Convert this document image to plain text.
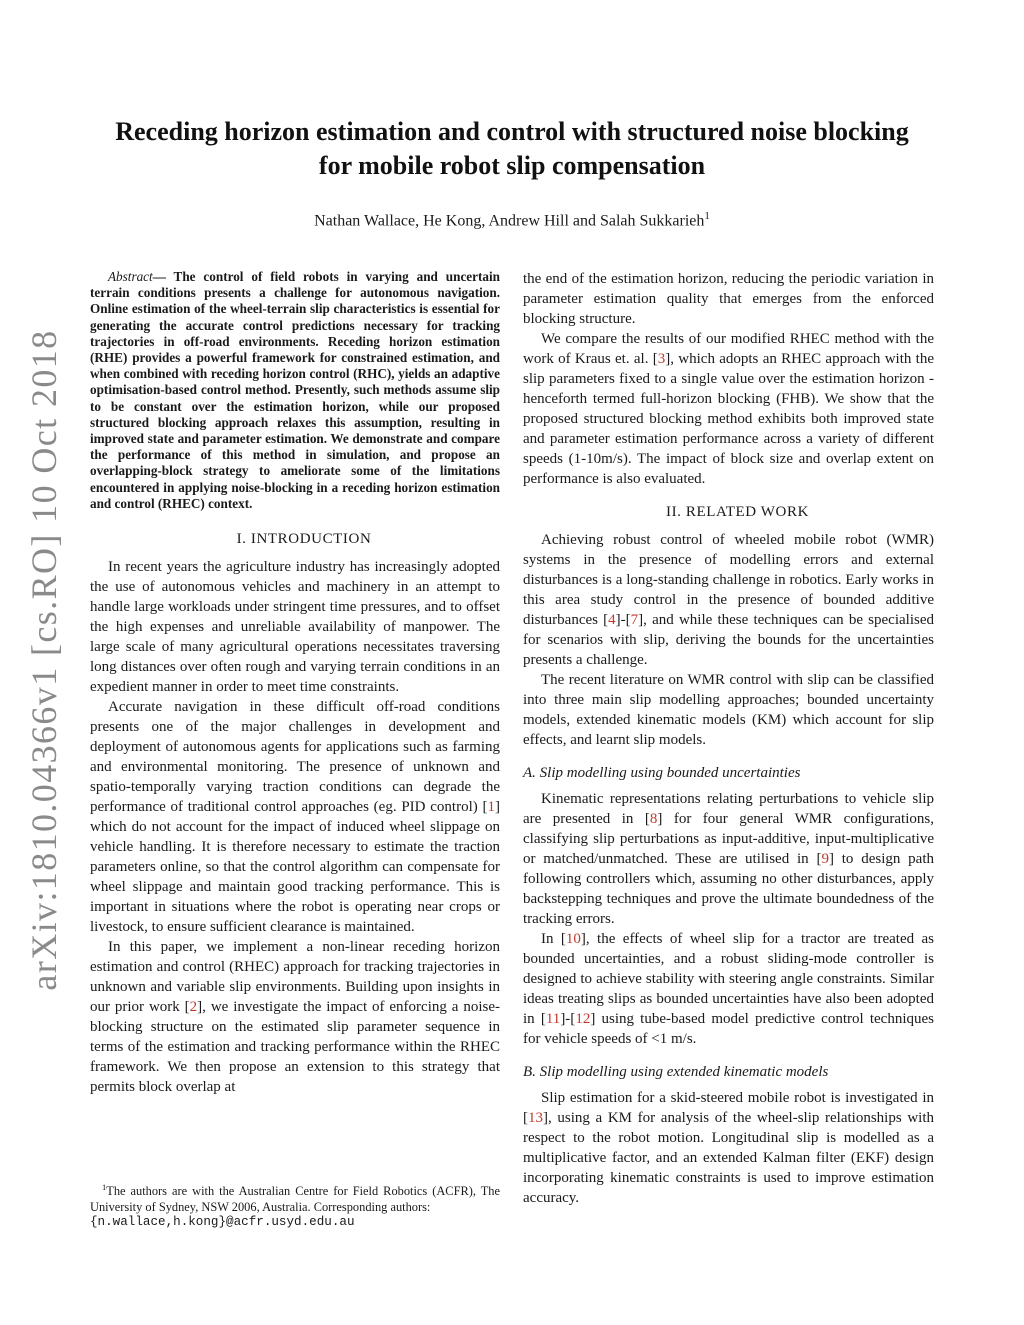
arXiv:1810.04366v1 [cs.RO] 10 Oct 2018
Receding horizon estimation and control with structured noise blocking
for mobile robot slip compensation
Nathan Wallace, He Kong, Andrew Hill and Salah Sukkarieh$^1$

Abstract— The control of field robots in varying and uncertain terrain conditions presents a challenge for autonomous navigation. Online estimation of the wheel-terrain slip characteristics is essential for generating the accurate control predictions necessary for tracking trajectories in off-road environments. Receding horizon estimation (RHE) provides a powerful framework for constrained estimation, and when combined with receding horizon control (RHC), yields an adaptive optimisation-based control method. Presently, such methods assume slip to be constant over the estimation horizon, while our proposed structured blocking approach relaxes this assumption, resulting in improved state and parameter estimation. We demonstrate and compare the performance of this method in simulation, and propose an overlapping-block strategy to ameliorate some of the limitations encountered in applying noise-blocking in a receding horizon estimation and control (RHEC) context.

I. INTRODUCTION

In recent years the agriculture industry has increasingly adopted the use of autonomous vehicles and machinery in an attempt to handle large workloads under stringent time pressures, and to offset the high expenses and unreliable availability of manpower. The large scale of many agricultural operations necessitates traversing long distances over often rough and varying terrain conditions in an expedient manner in order to meet time constraints.

Accurate navigation in these difficult off-road conditions presents one of the major challenges in development and deployment of autonomous agents for applications such as farming and environmental monitoring. The presence of unknown and spatio-temporally varying traction conditions can degrade the performance of traditional control approaches (eg. PID control) [1] which do not account for the impact of induced wheel slippage on vehicle handling. It is therefore necessary to estimate the traction parameters online, so that the control algorithm can compensate for wheel slippage and maintain good tracking performance. This is important in situations where the robot is operating near crops or livestock, to ensure sufficient clearance is maintained.

In this paper, we implement a non-linear receding horizon estimation and control (RHEC) approach for tracking trajectories in unknown and variable slip environments. Building upon insights in our prior work [2], we investigate the impact of enforcing a noise-blocking structure on the estimated slip parameter sequence in terms of the estimation and tracking performance within the RHEC framework. We then propose an extension to this strategy that permits block overlap at

$^1$The authors are with the Australian Centre for Field Robotics (ACFR), The University of Sydney, NSW 2006, Australia. Corresponding authors:

{n.wallace,h.kong}@acfr.usyd.edu.au

the end of the estimation horizon, reducing the periodic variation in parameter estimation quality that emerges from the enforced blocking structure.

We compare the results of our modified RHEC method with the work of Kraus et. al. [3], which adopts an RHEC approach with the slip parameters fixed to a single value over the estimation horizon - henceforth termed full-horizon blocking (FHB). We show that the proposed structured blocking method exhibits both improved state and parameter estimation performance across a variety of different speeds (1-10m/s). The impact of block size and overlap extent on performance is also evaluated.

II. RELATED WORK

Achieving robust control of wheeled mobile robot (WMR) systems in the presence of modelling errors and external disturbances is a long-standing challenge in robotics. Early works in this area study control in the presence of bounded additive disturbances [4]-[7], and while these techniques can be specialised for scenarios with slip, deriving the bounds for the uncertainties presents a challenge.

The recent literature on WMR control with slip can be classified into three main slip modelling approaches; bounded uncertainty models, extended kinematic models (KM) which account for slip effects, and learnt slip models.

A. Slip modelling using bounded uncertainties

Kinematic representations relating perturbations to vehicle slip are presented in [8] for four general WMR configurations, classifying slip perturbations as input-additive, input-multiplicative or matched/unmatched. These are utilised in [9] to design path following controllers which, assuming no other disturbances, apply backstepping techniques and prove the ultimate boundedness of the tracking errors.

In [10], the effects of wheel slip for a tractor are treated as bounded uncertainties, and a robust sliding-mode controller is designed to achieve stability with steering angle constraints. Similar ideas treating slips as bounded uncertainties have also been adopted in [11]-[12] using tube-based model predictive control techniques for vehicle speeds of <1 m/s.

B. Slip modelling using extended kinematic models

Slip estimation for a skid-steered mobile robot is investigated in [13], using a KM for analysis of the wheel-slip relationships with respect to the robot motion. Longitudinal slip is modelled as a multiplicative factor, and an extended Kalman filter (EKF) design incorporating kinematic constraints is used to improve estimation accuracy.
